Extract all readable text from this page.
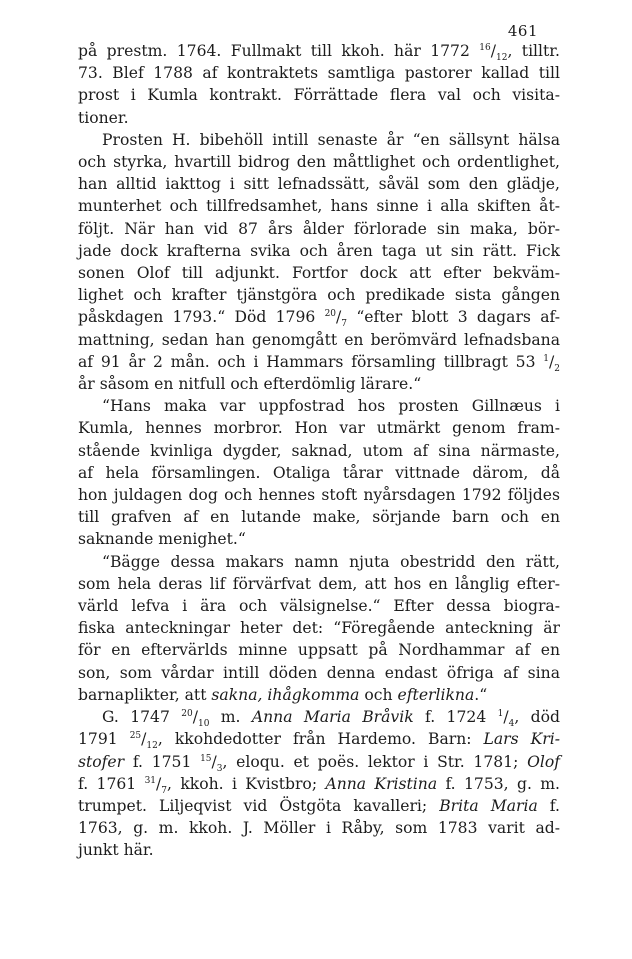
461
på prestm. 1764. Fullmakt till kkoh. här 1772 $^{16}/_{12}$, tilltr.
73. Blef 1788 af kontraktets samtliga pastorer kallad till
prost i Kumla kontrakt. Förrättade flera val och visita-
tioner.
Prosten H. bibehöll intill senaste år “en sällsynt hälsa
och styrka, hvartill bidrog den måttlighet och ordentlighet,
han alltid iakttog i sitt lefnadssätt, såväl som den glädje,
munterhet och tillfredsamhet, hans sinne i alla skiften åt-
följt. När han vid 87 års ålder förlorade sin maka, bör-
jade dock krafterna svika och åren taga ut sin rätt. Fick
sonen Olof till adjunkt. Fortfor dock att efter bekväm-
lighet och krafter tjänstgöra och predikade sista gången
påskdagen 1793.“ Död 1796 $^{20}/_7$ “efter blott 3 dagars af-
mattning, sedan han genomgått en berömvärd lefnadsbana
af 91 år 2 mån. och i Hammars församling tillbragt 53 $^1/_2$
år såsom en nitfull och efterdömlig lärare.“
“Hans maka var uppfostrad hos prosten Gillnæus i
Kumla, hennes morbror. Hon var utmärkt genom fram-
stående kvinliga dygder, saknad, utom af sina närmaste,
af hela församlingen. Otaliga tårar vittnade därom, då
hon juldagen dog och hennes stoft nyårsdagen 1792 följdes
till grafven af en lutande make, sörjande barn och en
saknande menighet.“
“Bägge dessa makars namn njuta obestridd den rätt,
som hela deras lif förvärfvat dem, att hos en långlig efter-
värld lefva i ära och välsignelse.“ Efter dessa biogra-
fiska anteckningar heter det: “Föregående anteckning är
för en eftervärlds minne uppsatt på Nordhammar af en
son, som vårdar intill döden denna endast öfriga af sina
barnaplikter, att sakna, ihågkomma och efterlikna.“
G. 1747 $^{20}/_{10}$ m. Anna Maria Bråvik f. 1724 $^1/_4$, död
1791 $^{25}/_{12}$, kkohdedotter från Hardemo. Barn: Lars Kri-
stofer f. 1751 $^{15}/_3$, eloqu. et poës. lektor i Str. 1781; Olof
f. 1761 $^{31}/_7$, kkoh. i Kvistbro; Anna Kristina f. 1753, g. m.
trumpet. Liljeqvist vid Östgöta kavalleri; Brita Maria f.
1763, g. m. kkoh. J. Möller i Råby, som 1783 varit ad-
junkt här.
